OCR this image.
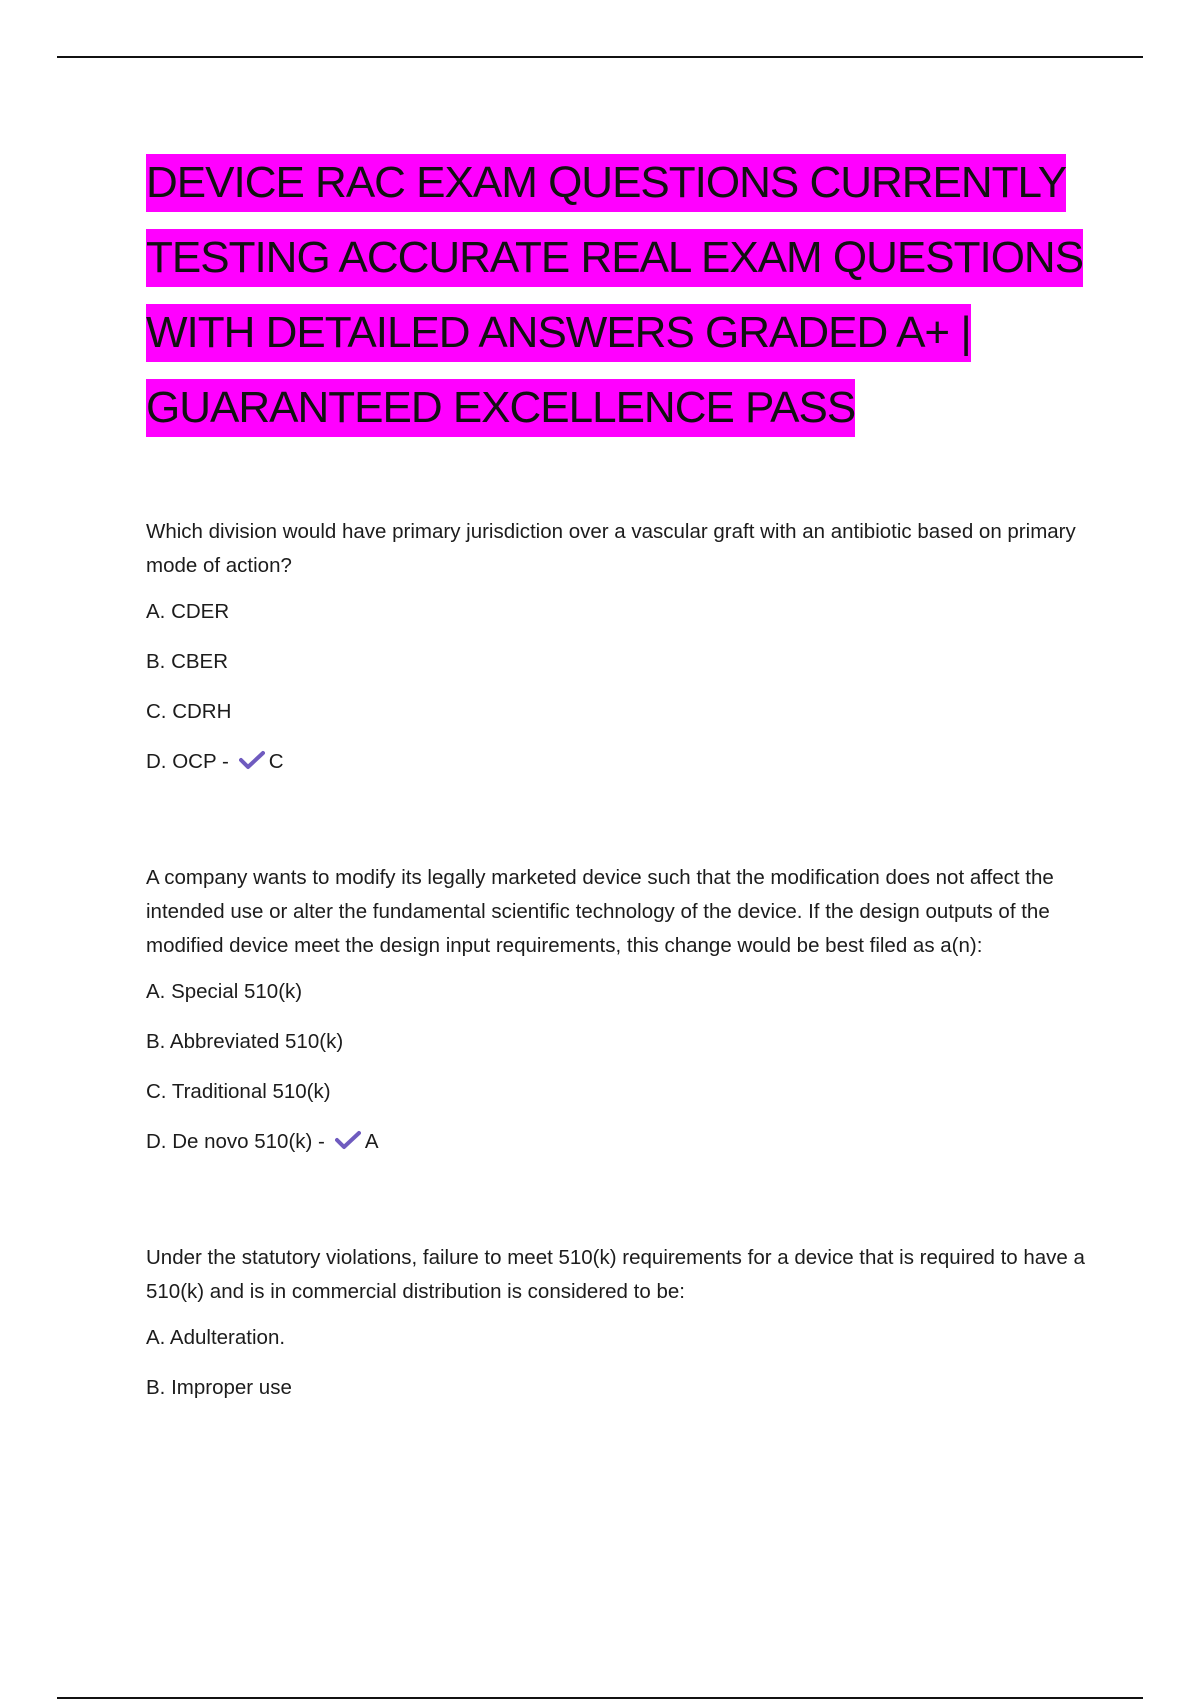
DEVICE RAC EXAM QUESTIONS CURRENTLY TESTING ACCURATE REAL EXAM QUESTIONS WITH DETAILED ANSWERS GRADED A+ | GUARANTEED EXCELLENCE PASS

Which division would have primary jurisdiction over a vascular graft with an antibiotic based on primary mode of action?

A. CDER
B. CBER
C. CDRH
D. OCP - C

A company wants to modify its legally marketed device such that the modification does not affect the intended use or alter the fundamental scientific technology of the device. If the design outputs of the modified device meet the design input requirements, this change would be best filed as a(n):

A. Special 510(k)
B. Abbreviated 510(k)
C. Traditional 510(k)
D. De novo 510(k) - A

Under the statutory violations, failure to meet 510(k) requirements for a device that is required to have a 510(k) and is in commercial distribution is considered to be:

A. Adulteration.
B. Improper use
